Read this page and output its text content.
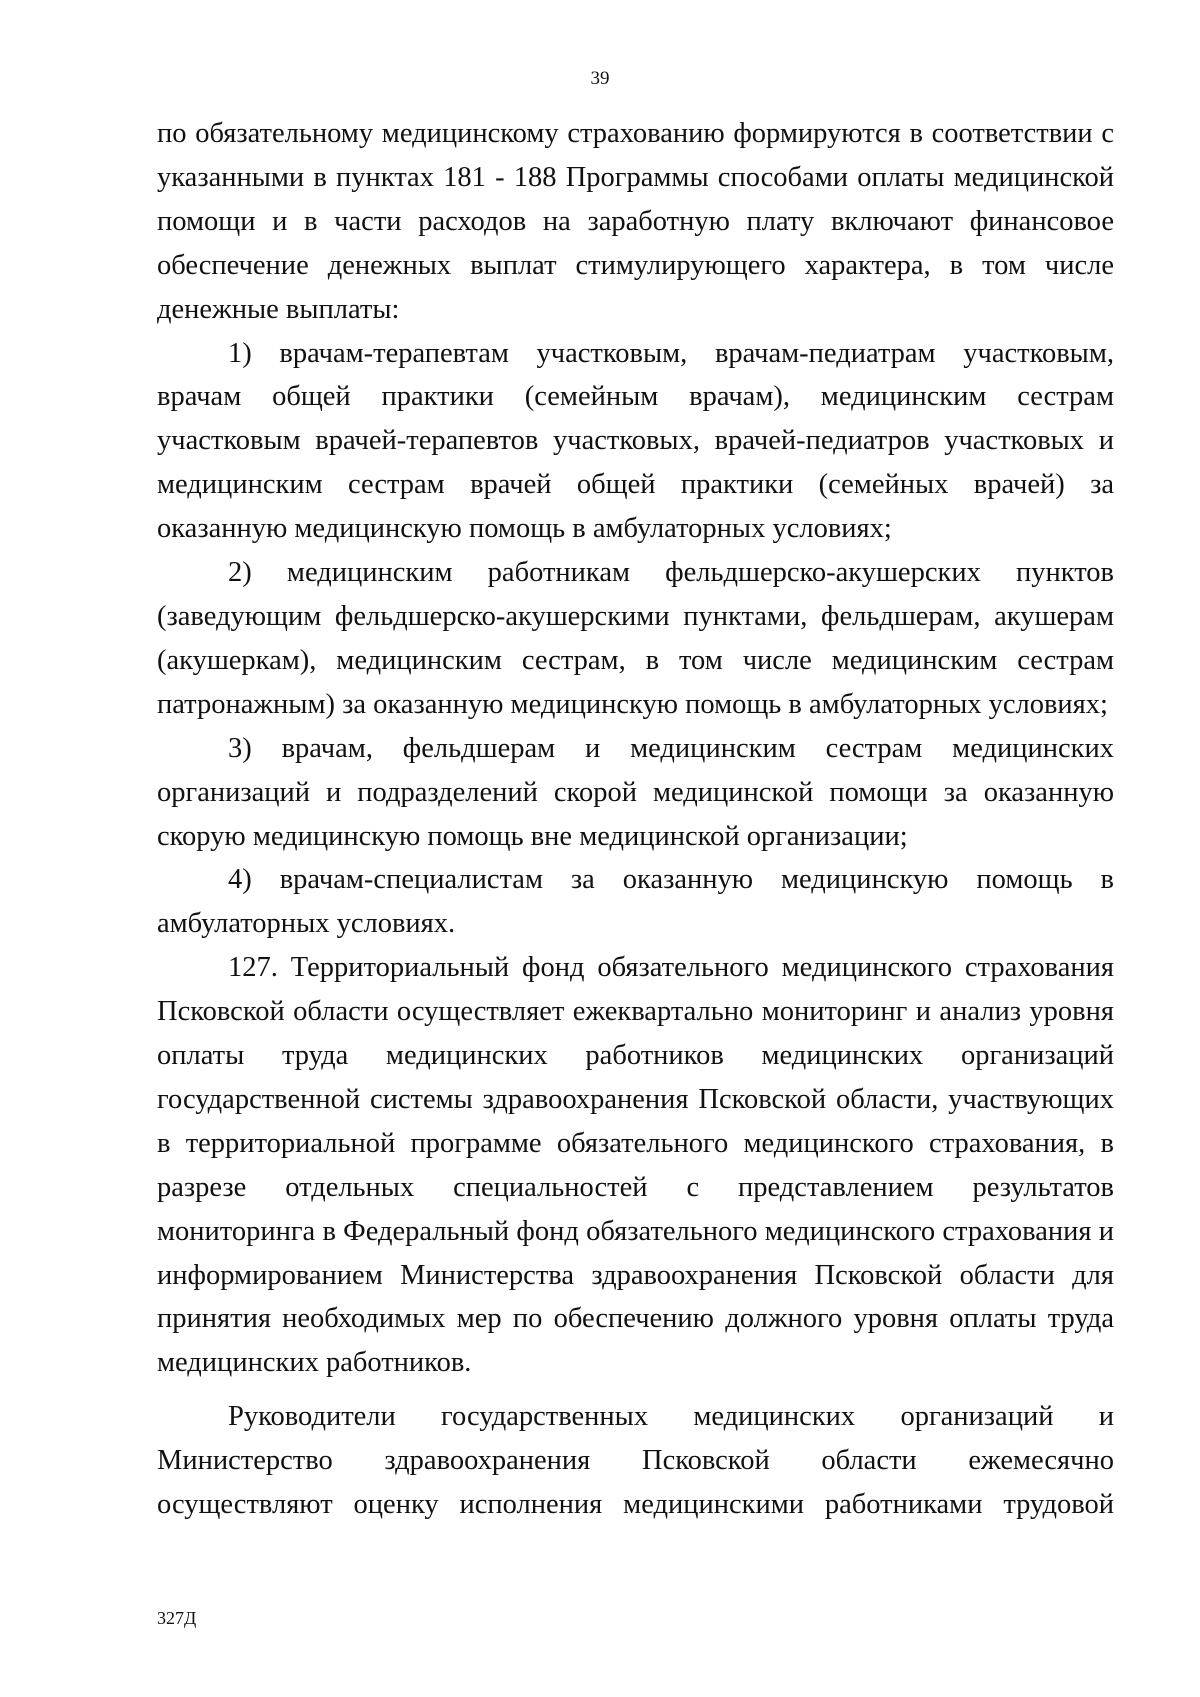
39

по обязательному медицинскому страхованию формируются в соответствии с указанными в пунктах 181 - 188 Программы способами оплаты медицинской помощи и в части расходов на заработную плату включают финансовое обеспечение денежных выплат стимулирующего характера, в том числе денежные выплаты:

1) врачам-терапевтам участковым, врачам-педиатрам участковым, врачам общей практики (семейным врачам), медицинским сестрам участковым врачей-терапевтов участковых, врачей-педиатров участковых и медицинским сестрам врачей общей практики (семейных врачей) за оказанную медицинскую помощь в амбулаторных условиях;

2) медицинским работникам фельдшерско-акушерских пунктов (заведующим фельдшерско-акушерскими пунктами, фельдшерам, акушерам (акушеркам), медицинским сестрам, в том числе медицинским сестрам патронажным) за оказанную медицинскую помощь в амбулаторных условиях;

3) врачам, фельдшерам и медицинским сестрам медицинских организаций и подразделений скорой медицинской помощи за оказанную скорую медицинскую помощь вне медицинской организации;

4) врачам-специалистам за оказанную медицинскую помощь в амбулаторных условиях.

127. Территориальный фонд обязательного медицинского страхования Псковской области осуществляет ежеквартально мониторинг и анализ уровня оплаты труда медицинских работников медицинских организаций государственной системы здравоохранения Псковской области, участвующих в территориальной программе обязательного медицинского страхования, в разрезе отдельных специальностей с представлением результатов мониторинга в Федеральный фонд обязательного медицинского страхования и информированием Министерства здравоохранения Псковской области для принятия необходимых мер по обеспечению должного уровня оплаты труда медицинских работников.

Руководители государственных медицинских организаций и Министерство здравоохранения Псковской области ежемесячно осуществляют оценку исполнения медицинскими работниками трудовой

327Д
